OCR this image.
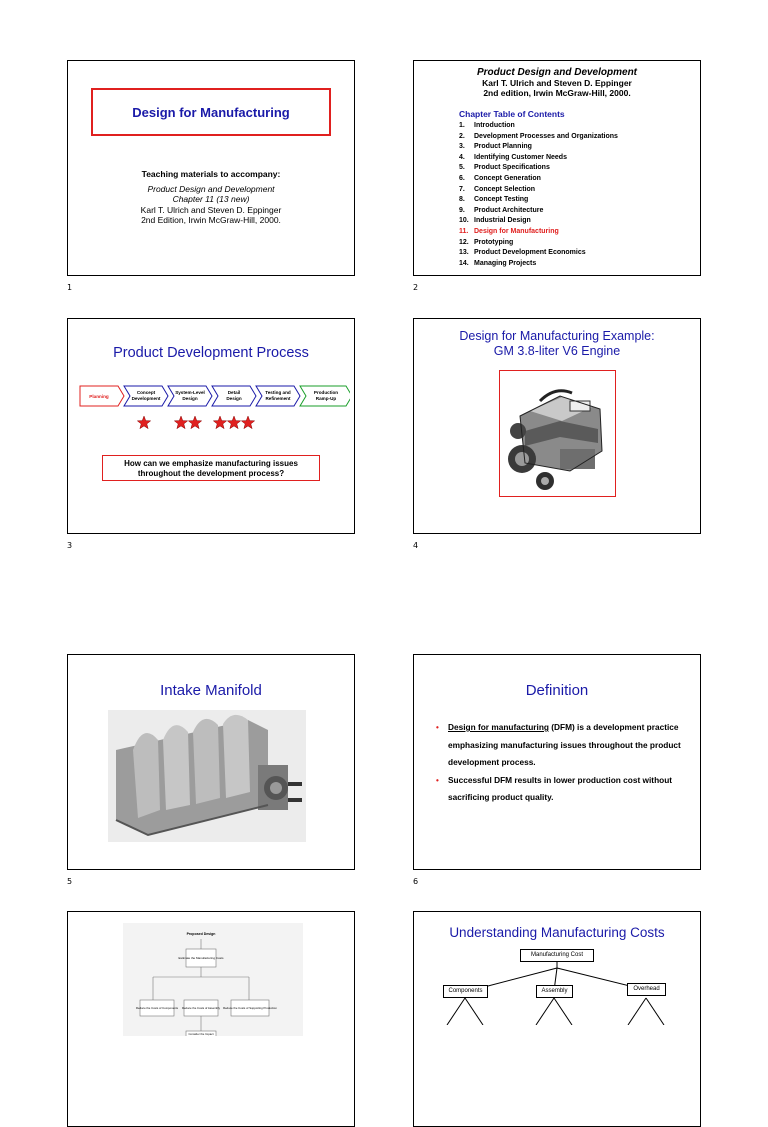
Design for Manufacturing
Teaching materials to accompany:
Product Design and Development
Chapter 11 (13 new)
Karl T. Ulrich and Steven D. Eppinger
2nd Edition, Irwin McGraw-Hill, 2000.
1
Product Design and Development
Karl T. Ulrich and Steven D. Eppinger
2nd edition, Irwin McGraw-Hill, 2000.
Chapter Table of Contents
1. Introduction
2. Development Processes and Organizations
3. Product Planning
4. Identifying Customer Needs
5. Product Specifications
6. Concept Generation
7. Concept Selection
8. Concept Testing
9. Product Architecture
10. Industrial Design
11. Design for Manufacturing
12. Prototyping
13. Product Development Economics
14. Managing Projects
2
Product Development Process
Planning
Concept
Development
System-Level
Design
Detail
Design
Testing and
Refinement
Production
Ramp-Up
How can we emphasize manufacturing issues throughout the development process?
3
Design for Manufacturing Example:
GM 3.8-liter V6 Engine
4
Intake Manifold
5
Definition
• Design for manufacturing (DFM) is a development practice emphasizing manufacturing issues throughout the product development process.
• Successful DFM results in lower production cost without sacrificing product quality.
6
Proposed Design
Estimate the Manufacturing Costs
Reduce the Costs of Components Reduce the Costs of Assembly Reduce the Costs of Supporting Production
Consider the Impact
Understanding Manufacturing Costs
Manufacturing Cost
Components	Assembly	Overhead
